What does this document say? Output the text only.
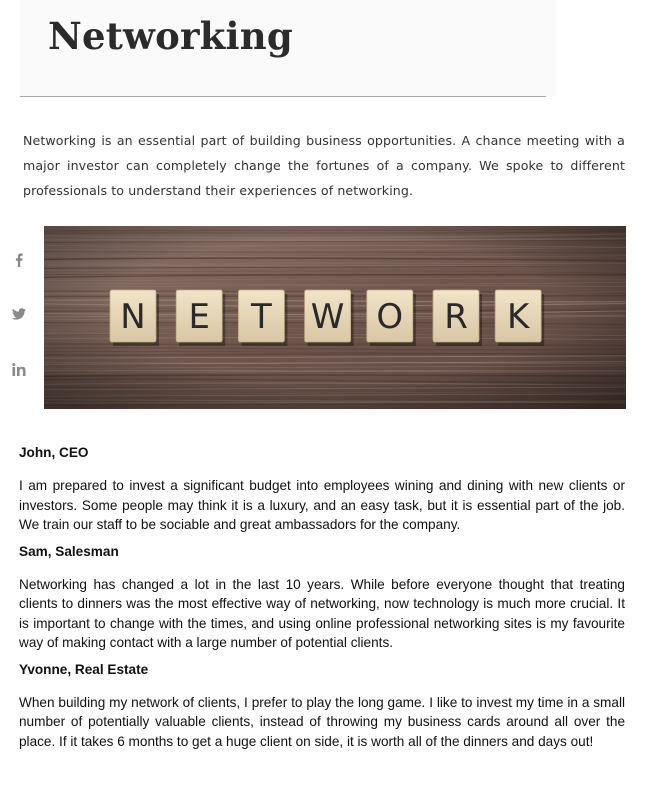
Networking

Networking is an essential part of building business opportunities. A chance meeting with a major investor can completely change the fortunes of a company. We spoke to different professionals to understand their experiences of networking.

N E T W O R K

John, CEO

I am prepared to invest a significant budget into employees wining and dining with new clients or investors. Some people may think it is a luxury, and an easy task, but it is essential part of the job. We train our staff to be sociable and great ambassadors for the company.

Sam, Salesman

Networking has changed a lot in the last 10 years. While before everyone thought that treating clients to dinners was the most effective way of networking, now technology is much more crucial. It is important to change with the times, and using online professional networking sites is my favourite way of making contact with a large number of potential clients.

Yvonne, Real Estate

When building my network of clients, I prefer to play the long game. I like to invest my time in a small number of potentially valuable clients, instead of throwing my business cards around all over the place. If it takes 6 months to get a huge client on side, it is worth all of the dinners and days out!
